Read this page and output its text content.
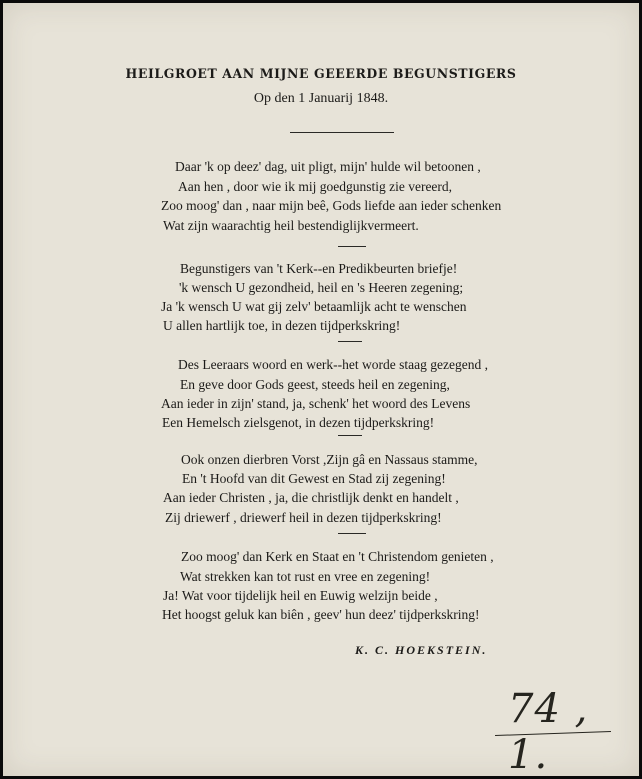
HEILGROET AAN MIJNE GEEERDE BEGUNSTIGERS
Op den 1 Januarij 1848.
Daar 'k op deez' dag, uit pligt, mijn' hulde wil betoonen ,
Aan hen , door wie ik mij goedgunstig zie vereerd,
Zoo moog' dan , naar mijn beê, Gods liefde aan ieder schenken
Wat zijn waarachtig heil bestendiglijkvermeert.
Begunstigers van 't Kerk--en Predikbeurten briefje!
'k wensch U gezondheid, heil en 's Heeren zegening;
Ja 'k wensch U wat gij zelv' betaamlijk acht te wenschen
U allen hartlijk toe, in dezen tijdperkskring!
Des Leeraars woord en werk--het worde staag gezegend ,
En geve door Gods geest, steeds heil en zegening,
Aan ieder in zijn' stand, ja, schenk' het woord des Levens
Een Hemelsch zielsgenot, in dezen tijdperkskring!
Ook onzen dierbren Vorst ,Zijn gâ en Nassaus stamme,
En 't Hoofd van dit Gewest en Stad zij zegening!
Aan ieder Christen , ja, die christlijk denkt en handelt ,
Zij driewerf , driewerf heil in dezen tijdperkskring!
Zoo moog' dan Kerk en Staat en 't Christendom genieten ,
Wat strekken kan tot rust en vree en zegening!
Ja! Wat voor tijdelijk heil en Euwig welzijn beide ,
Het hoogst geluk kan biên , geev' hun deez' tijdperkskring!
K. C. HOEKSTEIN.
74 , 1.
